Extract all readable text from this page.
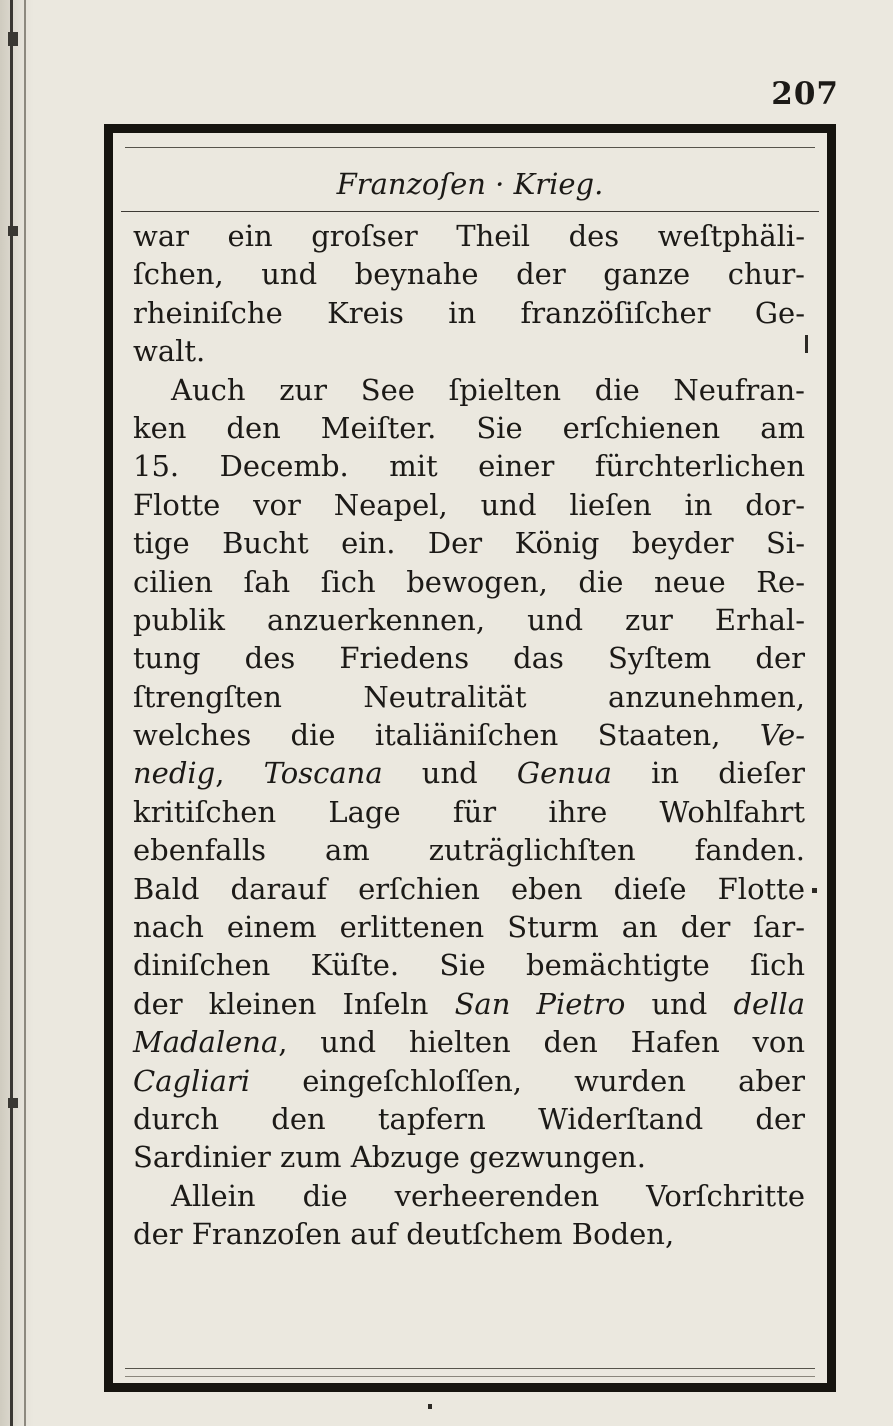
207

Franzoſen · Krieg.

war ein groſser Theil des weſtphäli-
ſchen, und beynahe der ganze chur-
rheiniſche Kreis in franzöſiſcher Ge-
walt.
Auch zur See ſpielten die Neufran-
ken den Meiſter. Sie erſchienen am
15. Decemb. mit einer fürchterlichen
Flotte vor Neapel, und lieſen in dor-
tige Bucht ein. Der König beyder Si-
cilien ſah ſich bewogen, die neue Re-
publik anzuerkennen, und zur Erhal-
tung des Friedens das Syſtem der
ſtrengſten Neutralität anzunehmen,
welches die italiäniſchen Staaten, Ve-
nedig, Toscana und Genua in dieſer
kritiſchen Lage für ihre Wohlfahrt
ebenfalls am zuträglichſten fanden.
Bald darauf erſchien eben dieſe Flotte
nach einem erlittenen Sturm an der ſar-
diniſchen Küſte. Sie bemächtigte ſich
der kleinen Inſeln San Pietro und della
Madalena, und hielten den Hafen von
Cagliari eingeſchloſſen, wurden aber
durch den tapfern Widerſtand der
Sardinier zum Abzuge gezwungen.
Allein die verheerenden Vorſchritte
der Franzoſen auf deutſchem Boden,
